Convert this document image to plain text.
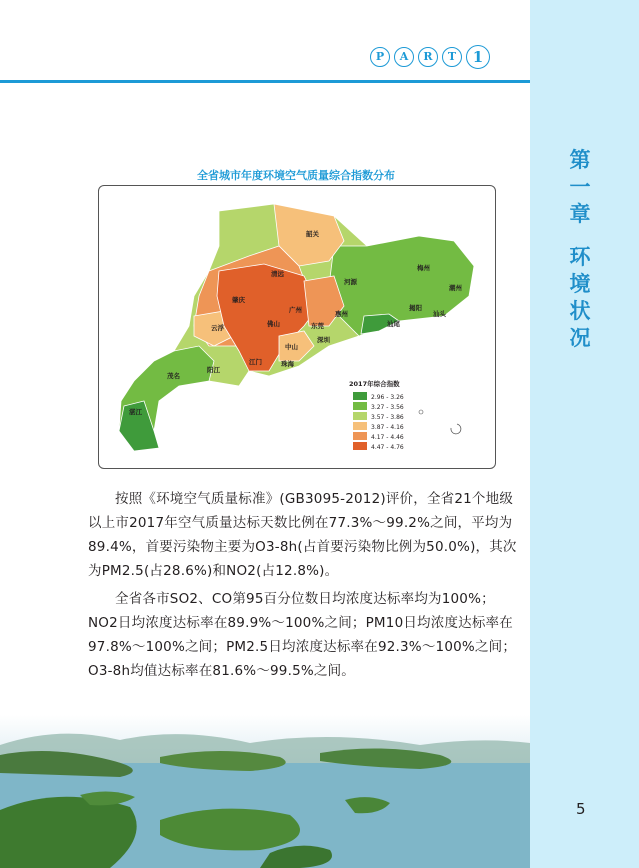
P	A	R	T	1
第
一
章
环
境
状
况
全省城市年度环境空气质量综合指数分布
韶关
清远
河源
梅州
潮州
肇庆
广州	揭阳
汕头
惠州
云浮	佛山	东莞	汕尾
深圳
中山
茂名
阳江
江门	珠海
湛江
2017年综合指数
2.96 - 3.26
3.27 - 3.56
3.57 - 3.86
3.87 - 4.16
4.17 - 4.46
4.47 - 4.76

按照《环境空气质量标准》(GB3095-2012)评价，全省21个地级以上市2017年空气质量达标天数比例在77.3%～99.2%之间，平均为89.4%，首要污染物主要为O3-8h(占首要污染物比例为50.0%)，其次为PM2.5(占28.6%)和NO2(占12.8%)。

全省各市SO2、CO第95百分位数日均浓度达标率均为100%；NO2日均浓度达标率在89.9%～100%之间；PM10日均浓度达标率在97.8%～100%之间；PM2.5日均浓度达标率在92.3%～100%之间；O3-8h均值达标率在81.6%～99.5%之间。

5
